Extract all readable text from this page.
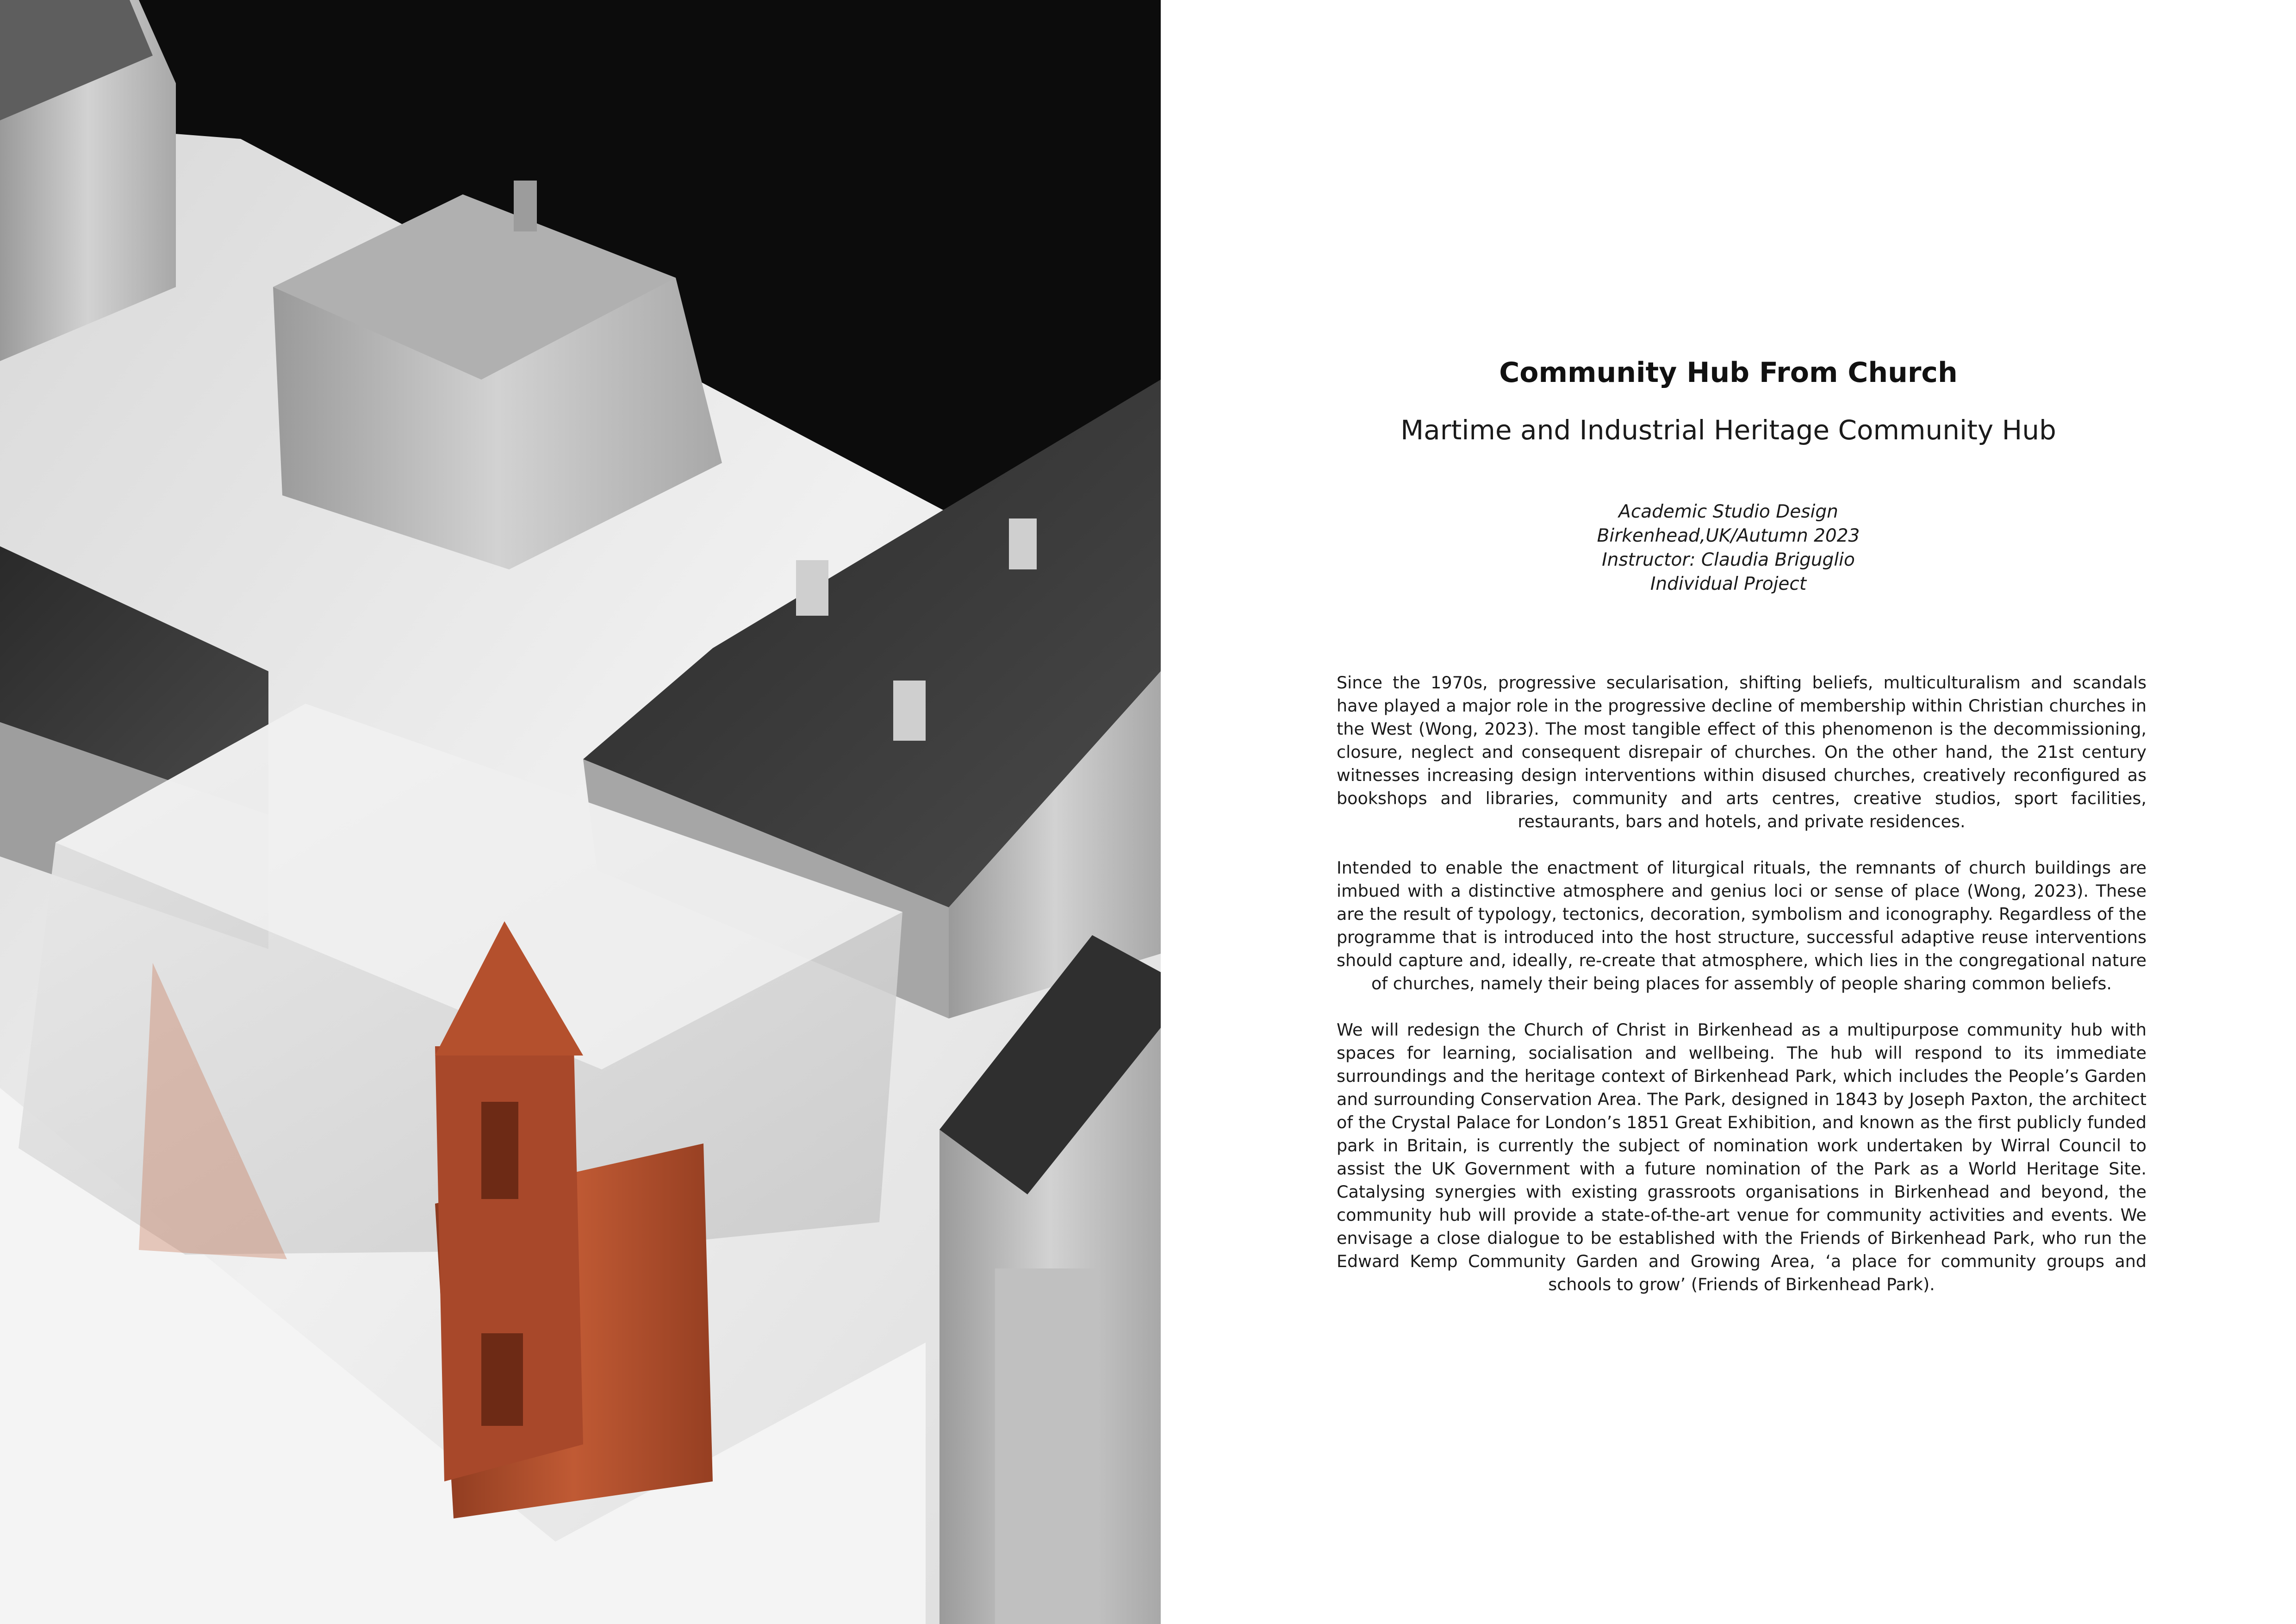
Community Hub From Church
Martime and Industrial Heritage Community Hub
Academic Studio Design
Birkenhead,UK/Autumn 2023
Instructor: Claudia Briguglio
Individual Project

Since the 1970s, progressive secularisation, shifting beliefs, multiculturalism and scandals have played a major role in the progressive decline of membership within Christian churches in the West (Wong, 2023). The most tangible effect of this phenomenon is the decommissioning, closure, neglect and consequent disrepair of churches. On the other hand, the 21st century witnesses increasing design interventions within disused churches, creatively reconfigured as bookshops and libraries, community and arts centres, creative studios, sport facilities, restaurants, bars and hotels, and private residences.

Intended to enable the enactment of liturgical rituals, the remnants of church buildings are imbued with a distinctive atmosphere and genius loci or sense of place (Wong, 2023). These are the result of typology, tectonics, decoration, symbolism and iconography. Regardless of the programme that is introduced into the host structure, successful adaptive reuse interventions should capture and, ideally, re-create that atmosphere, which lies in the congregational nature of churches, namely their being places for assembly of people sharing common beliefs.

We will redesign the Church of Christ in Birkenhead as a multipurpose community hub with spaces for learning, socialisation and wellbeing. The hub will respond to its immediate surroundings and the heritage context of Birkenhead Park, which includes the People’s Garden and surrounding Conservation Area. The Park, designed in 1843 by Joseph Paxton, the architect of the Crystal Palace for London’s 1851 Great Exhibition, and known as the first publicly funded park in Britain, is currently the subject of nomination work undertaken by Wirral Council to assist the UK Government with a future nomination of the Park as a World Heritage Site. Catalysing synergies with existing grassroots organisations in Birkenhead and beyond, the community hub will provide a state-of-the-art venue for community activities and events. We envisage a close dialogue to be established with the Friends of Birkenhead Park, who run the Edward Kemp Community Garden and Growing Area, ‘a place for community groups and schools to grow’ (Friends of Birkenhead Park).
